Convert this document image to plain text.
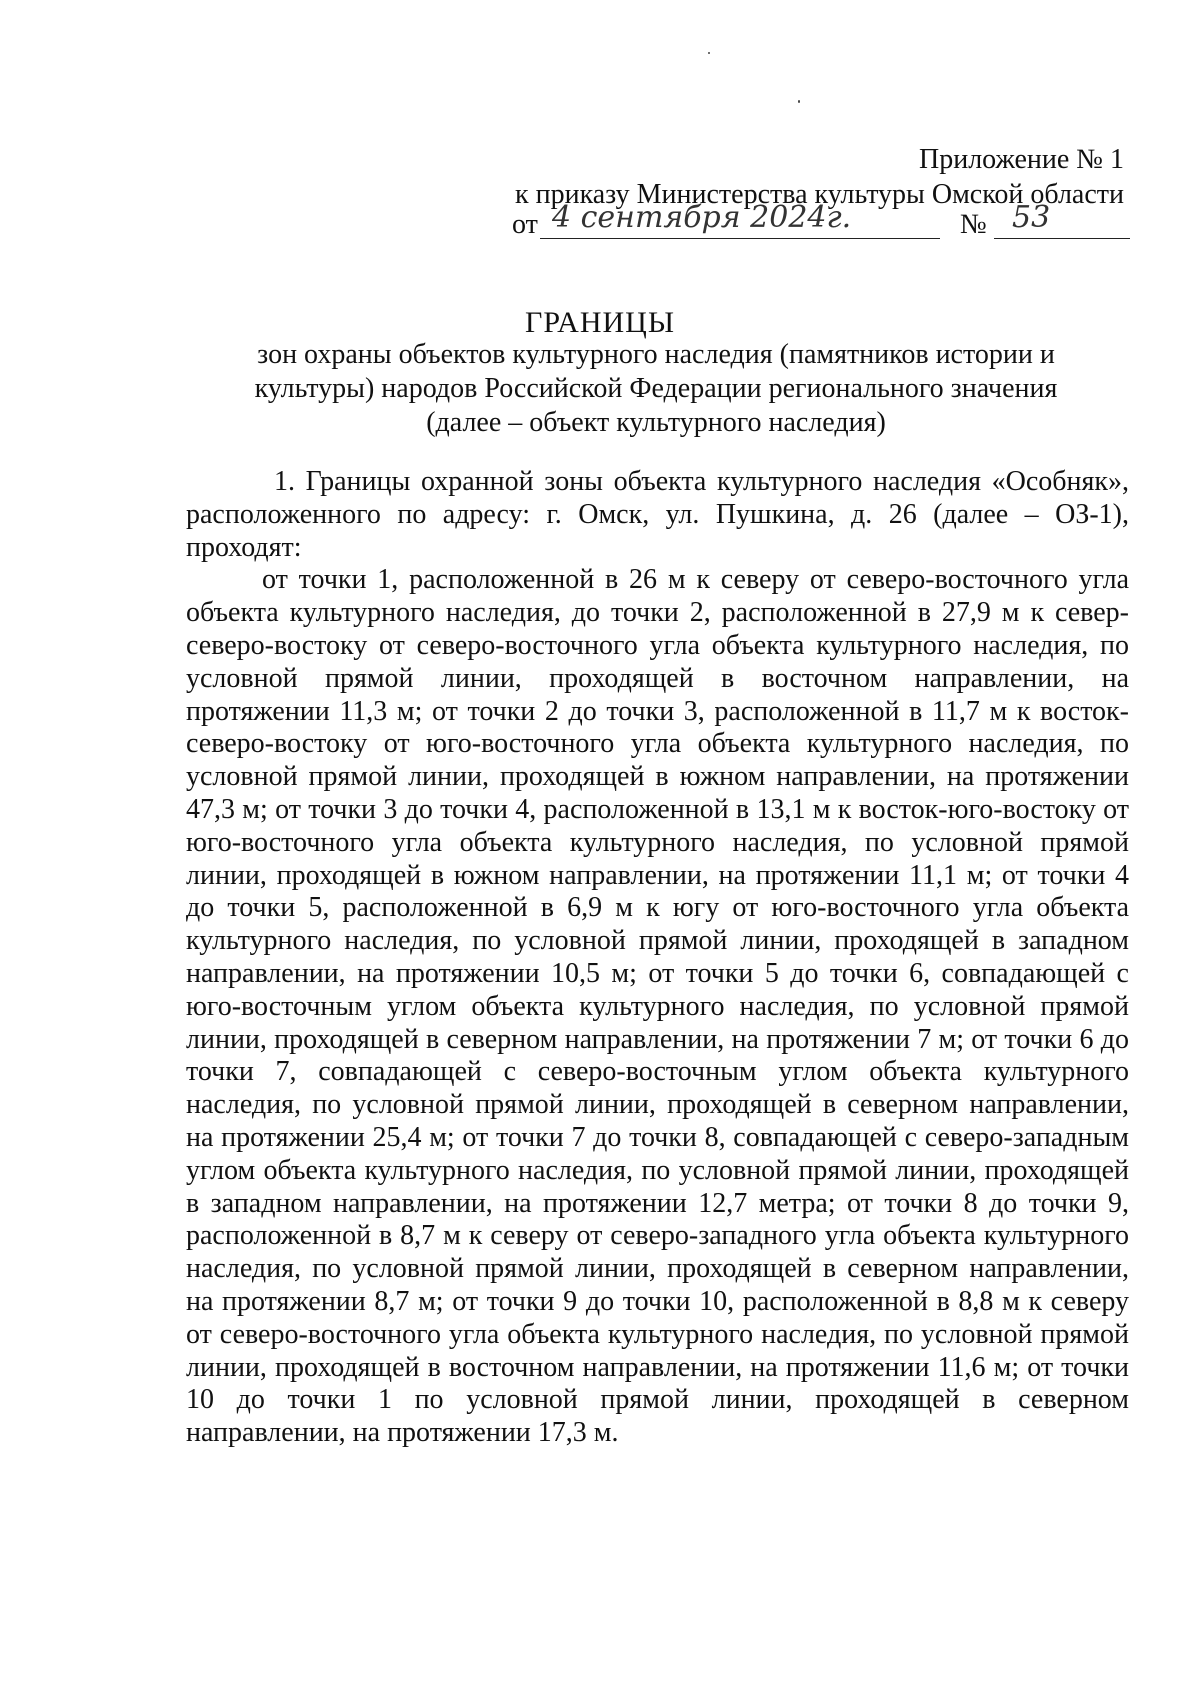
Приложение № 1
к приказу Министерства культуры Омской области
от 4 сентября 2024г.	№ 53
ГРАНИЦЫ
зон охраны объектов культурного наследия (памятников истории и
культуры) народов Российской Федерации регионального значения
(далее – объект культурного наследия)

1. Границы охранной зоны объекта культурного наследия «Особняк», расположенного по адресу: г. Омск, ул. Пушкина, д. 26 (далее – ОЗ-1), проходят:

от точки 1, расположенной в 26 м к северу от северо-восточного угла объекта культурного наследия, до точки 2, расположенной в 27,9 м к север-северо-востоку от северо-восточного угла объекта культурного наследия, по условной прямой линии, проходящей в восточном направлении, на протяжении 11,3 м; от точки 2 до точки 3, расположенной в 11,7 м к восток-северо-востоку от юго-восточного угла объекта культурного наследия, по условной прямой линии, проходящей в южном направлении, на протяжении 47,3 м; от точки 3 до точки 4, расположенной в 13,1 м к восток-юго-востоку от юго-восточного угла объекта культурного наследия, по условной прямой линии, проходящей в южном направлении, на протяжении 11,1 м; от точки 4 до точки 5, расположенной в 6,9 м к югу от юго-восточного угла объекта культурного наследия, по условной прямой линии, проходящей в западном направлении, на протяжении 10,5 м; от точки 5 до точки 6, совпадающей с юго-восточным углом объекта культурного наследия, по условной прямой линии, проходящей в северном направлении, на протяжении 7 м; от точки 6 до точки 7, совпадающей с северо-восточным углом объекта культурного наследия, по условной прямой линии, проходящей в северном направлении, на протяжении 25,4 м; от точки 7 до точки 8, совпадающей с северо-западным углом объекта культурного наследия, по условной прямой линии, проходящей в западном направлении, на протяжении 12,7 метра; от точки 8 до точки 9, расположенной в 8,7 м к северу от северо-западного угла объекта культурного наследия, по условной прямой линии, проходящей в северном направлении, на протяжении 8,7 м; от точки 9 до точки 10, расположенной в 8,8 м к северу от северо-восточного угла объекта культурного наследия, по условной прямой линии, проходящей в восточном направлении, на протяжении 11,6 м; от точки 10 до точки 1 по условной прямой линии, проходящей в северном направлении, на протяжении 17,3 м.
